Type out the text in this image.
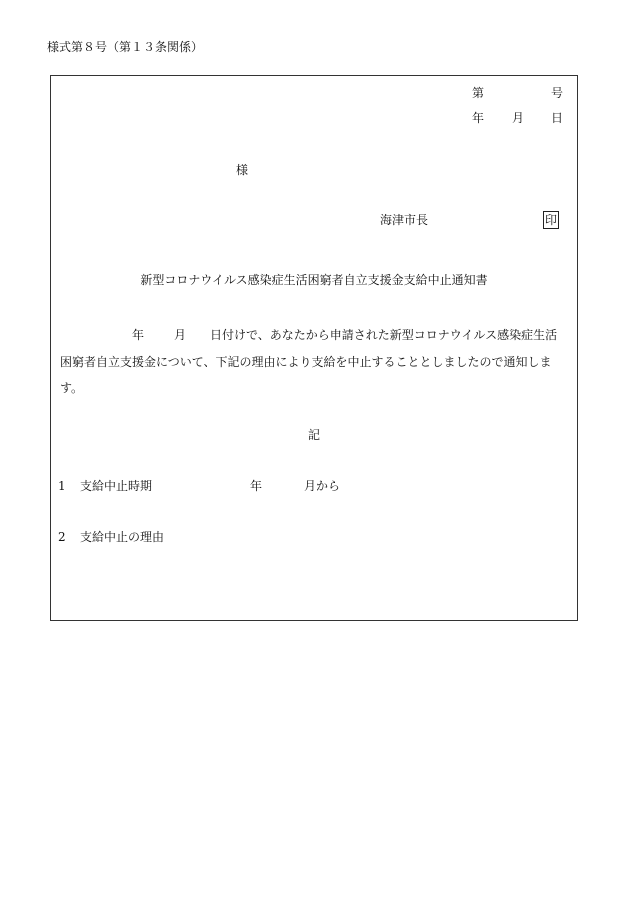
様式第８号（第１３条関係）
第	号
年 月 日
様
海津市長	印
新型コロナウイルス感染症生活困窮者自立支援金支給中止通知書
年	月 日付けで、あなたから申請された新型コロナウイルス感染症生活困窮者自立支援金について、下記の理由により支給を中止することとしましたので通知します。
記
1 支給中止時期	年	月から
2 支給中止の理由
